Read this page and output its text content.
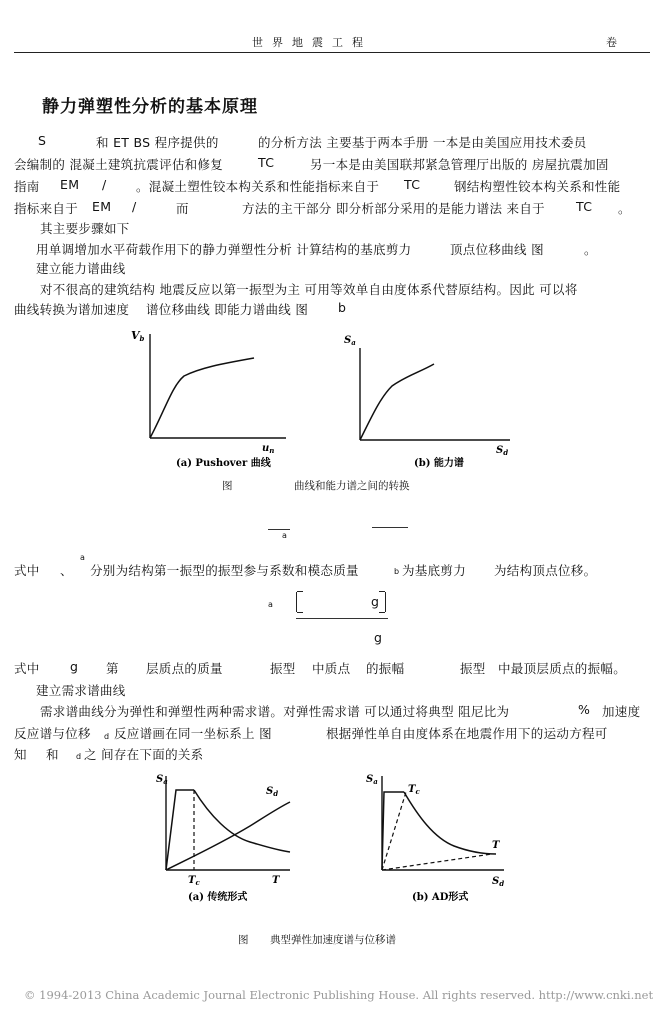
世界地震工程	卷
静力弹塑性分析的基本原理
S	和 ET BS 程序提供的	的分析方法 主要基于两本手册 一本是由美国应用技术委员
会编制的 混凝土建筑抗震评估和修复	TC	另一本是由美国联邦紧急管理厅出版的 房屋抗震加固
指南 EM / 。混凝土塑性铰本构关系和性能指标来自于 TC	钢结构塑性铰本构关系和性能
指标来自于 EM /	而	方法的主干部分 即分析部分采用的是能力谱法 来自于 TC 。
其主要步骤如下
用单调增加水平荷载作用下的静力弹塑性分析 计算结构的基底剪力	顶点位移曲线 图	。
建立能力谱曲线
对不很高的建筑结构 地震反应以第一振型为主 可用等效单自由度体系代替原结构。因此 可以将
曲线转换为谱加速度 谱位移曲线 即能力谱曲线 图 b
Vb
$u_n$
(a) Pushover 曲线
$S_a$
$S_d$
(b) 能力谱
图	曲线和能力谱之间的转换
a
式中 、
a
分别为结构第一振型的振型参与系数和模态质量	b 为基底剪力 为结构顶点位移。
a	g
g
式中 g 第 层质点的质量	振型 中质点 的振幅	振型 中最顶层质点的振幅。
建立需求谱曲线
需求谱曲线分为弹性和弹塑性两种需求谱。对弹性需求谱 可以通过将典型 阻尼比为	% 加速度
反应谱与位移 d 反应谱画在同一坐标系上 图	根据弹性单自由度体系在地震作用下的运动方程可
知 和 d 之 间存在下面的关系
$S_a$
$S_d$
$T_c$	T
(a) 传统形式
$S_a$
$T_c$
T
$S_d$
(b) AD形式
图 典型弹性加速度谱与位移谱
© 1994-2013 China Academic Journal Electronic Publishing House. All rights reserved. http://www.cnki.net
